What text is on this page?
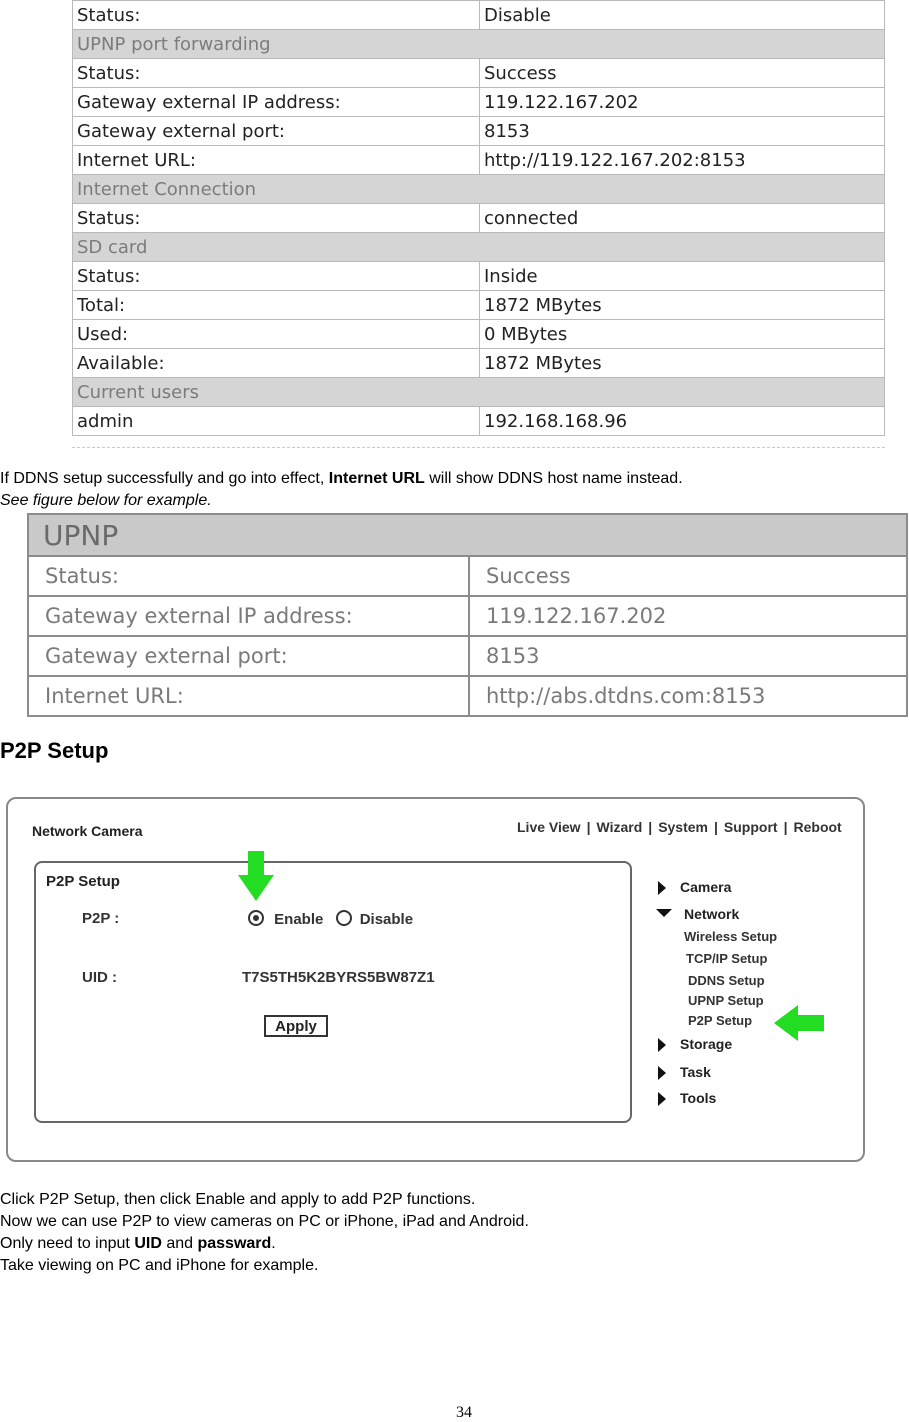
Status:	Disable
UPNP port forwarding	
Status:	Success
Gateway external IP address:	119.122.167.202
Gateway external port:	8153
Internet URL:	http://119.122.167.202:8153
Internet Connection	
Status:	connected
SD card	
Status:	Inside
Total:	1872 MBytes
Used:	0 MBytes
Available:	1872 MBytes
Current users	
admin	192.168.168.96
If DDNS setup successfully and go into effect, Internet URL will show DDNS host name instead.
See figure below for example.
UPNP	
Status:	Success
Gateway external IP address:	119.122.167.202
Gateway external port:	8153
Internet URL:	http://abs.dtdns.com:8153
P2P Setup
Network Camera	Live View | Wizard | System | Support | Reboot
P2P Setup
P2P :	Enable Disable
UID :	T7S5TH5K2BYRS5BW87Z1
Apply
Camera
Network
Wireless Setup
TCP/IP Setup
DDNS Setup
UPNP Setup
P2P Setup
Storage
Task
Tools
Click P2P Setup, then click Enable and apply to add P2P functions.
Now we can use P2P to view cameras on PC or iPhone, iPad and Android.
Only need to input UID and passward.
Take viewing on PC and iPhone for example.
34
